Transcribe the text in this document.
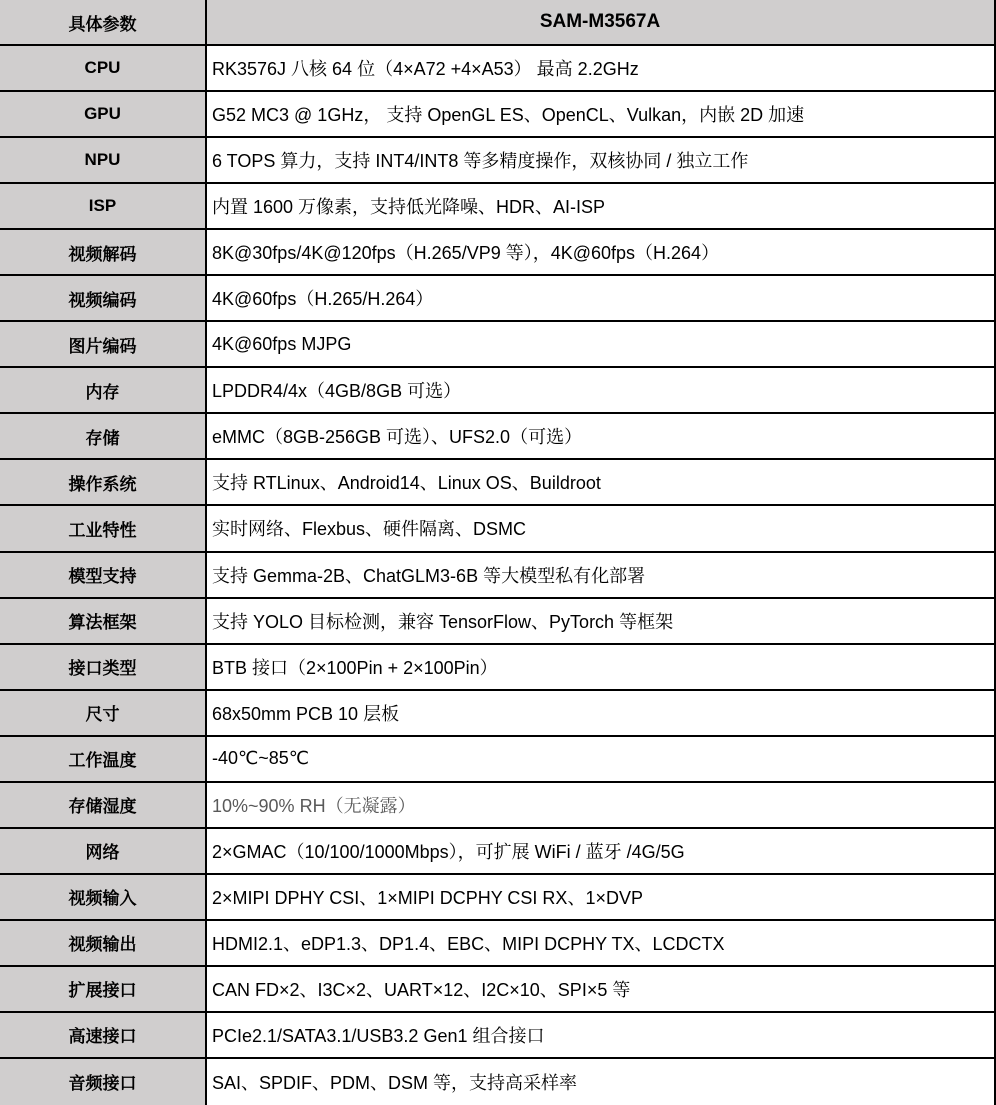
具体参数	SAM-M3567A
CPU	RK3576J 八核 64 位（4×A72 +4×A53） 最高 2.2GHz
GPU	G52 MC3 @ 1GHz， 支持 OpenGL ES、OpenCL、Vulkan，内嵌 2D 加速
NPU	6 TOPS 算力，支持 INT4/INT8 等多精度操作，双核协同 / 独立工作
ISP	内置 1600 万像素，支持低光降噪、HDR、AI-ISP
视频解码	8K@30fps/4K@120fps（H.265/VP9 等），4K@60fps（H.264）
视频编码	4K@60fps（H.265/H.264）
图片编码	4K@60fps MJPG
内存	LPDDR4/4x（4GB/8GB 可选）
存储	eMMC（8GB-256GB 可选）、UFS2.0（可选）
操作系统	支持 RTLinux、Android14、Linux OS、Buildroot
工业特性	实时网络、Flexbus、硬件隔离、DSMC
模型支持	支持 Gemma-2B、ChatGLM3-6B 等大模型私有化部署
算法框架	支持 YOLO 目标检测，兼容 TensorFlow、PyTorch 等框架
接口类型	BTB 接口（2×100Pin + 2×100Pin）
尺寸	68x50mm PCB 10 层板
工作温度	-40℃~85℃
存储湿度	10%~90% RH（无凝露）
网络	2×GMAC（10/100/1000Mbps），可扩展 WiFi / 蓝牙 /4G/5G
视频输入	2×MIPI DPHY CSI、1×MIPI DCPHY CSI RX、1×DVP
视频输出	HDMI2.1、eDP1.3、DP1.4、EBC、MIPI DCPHY TX、LCDCTX
扩展接口	CAN FD×2、I3C×2、UART×12、I2C×10、SPI×5 等
高速接口	PCIe2.1/SATA3.1/USB3.2 Gen1 组合接口
音频接口	SAI、SPDIF、PDM、DSM 等，支持高采样率
